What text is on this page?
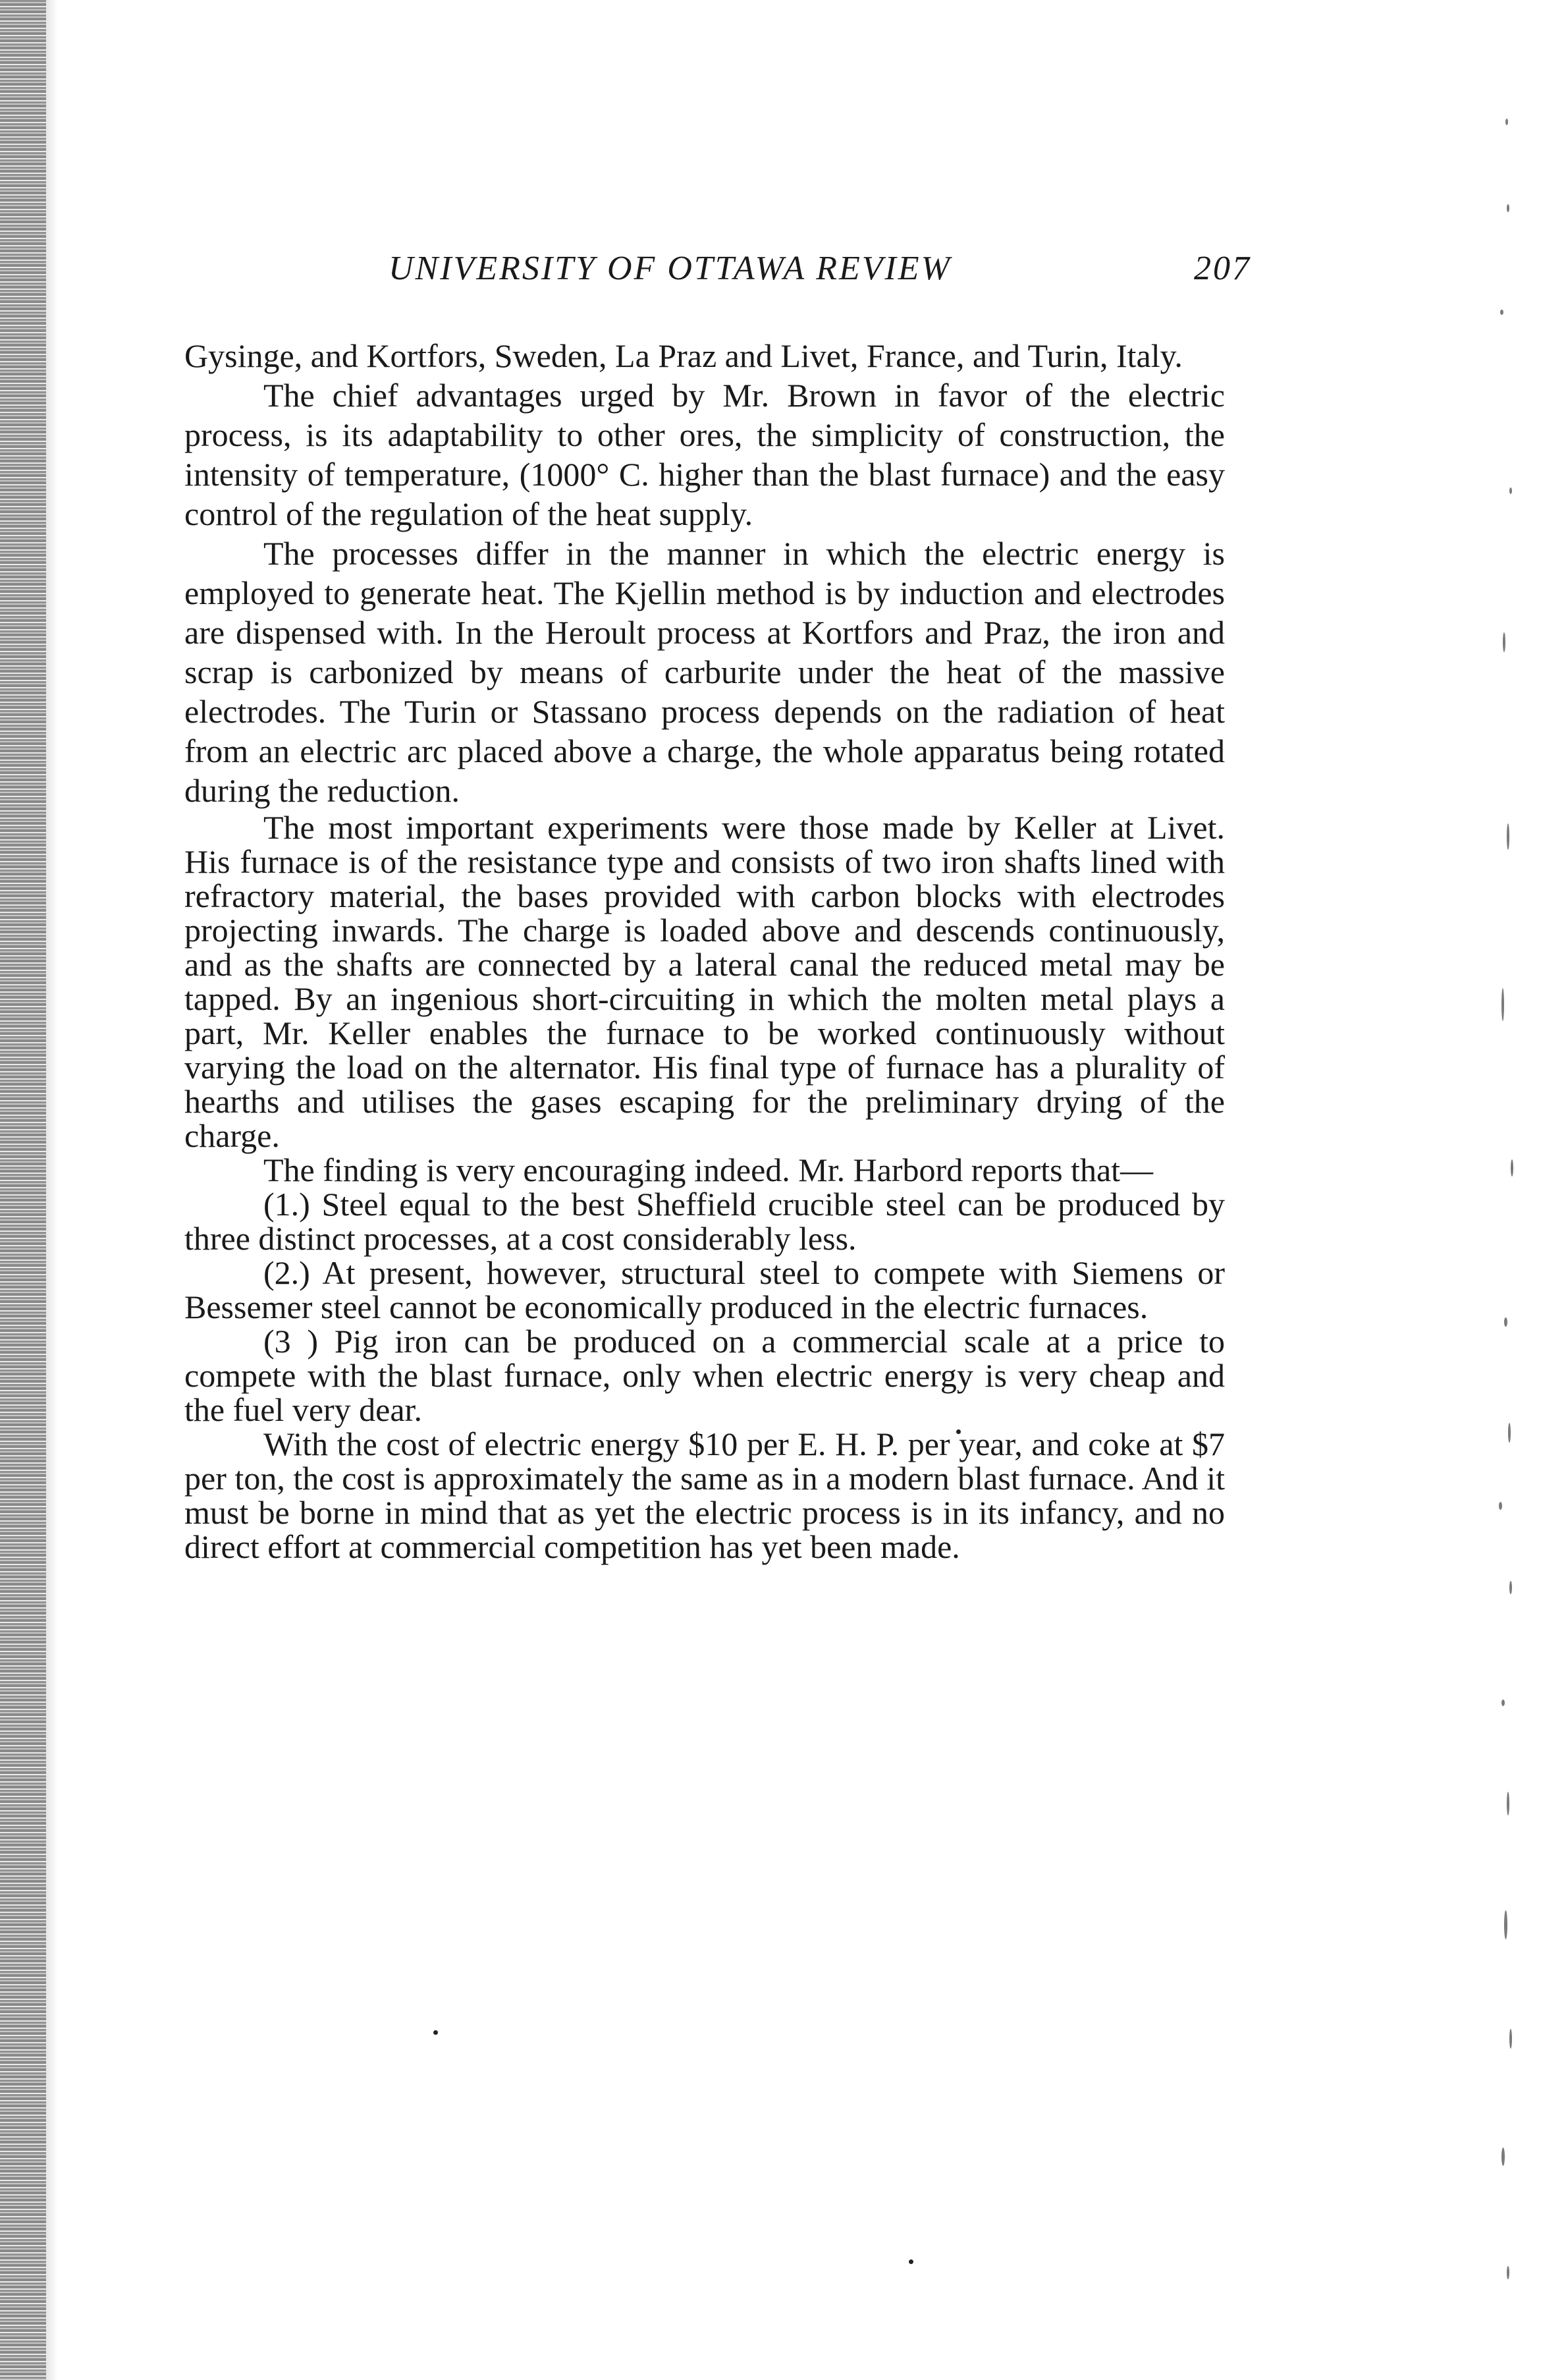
UNIVERSITY OF OTTAWA REVIEW	207

Gysinge, and Kortfors, Sweden, La Praz and Livet, France, and Turin, Italy.

The chief advantages urged by Mr. Brown in favor of the electric process, is its adaptability to other ores, the simplicity of construction, the intensity of temperature, (1000° C. higher than the blast furnace) and the easy control of the regulation of the heat supply.

The processes differ in the manner in which the electric energy is employed to generate heat. The Kjellin method is by induction and electrodes are dispensed with. In the Heroult process at Kortfors and Praz, the iron and scrap is carbonized by means of carburite under the heat of the massive electrodes. The Turin or Stassano process depends on the radiation of heat from an electric arc placed above a charge, the whole apparatus being rotated during the reduction.

The most important experiments were those made by Keller at Livet. His furnace is of the resistance type and consists of two iron shafts lined with refractory material, the bases provided with carbon blocks with electrodes projecting inwards. The charge is loaded above and descends continuously, and as the shafts are connected by a lateral canal the reduced metal may be tapped. By an ingenious short-circuiting in which the molten metal plays a part, Mr. Keller enables the furnace to be worked continuously without varying the load on the alternator. His final type of furnace has a plurality of hearths and utilises the gases escaping for the preliminary drying of the charge.

The finding is very encouraging indeed. Mr. Harbord reports that—

(1.) Steel equal to the best Sheffield crucible steel can be produced by three distinct processes, at a cost considerably less.

(2.) At present, however, structural steel to compete with Siemens or Bessemer steel cannot be economically produced in the electric furnaces.

(3 ) Pig iron can be produced on a commercial scale at a price to compete with the blast furnace, only when electric energy is very cheap and the fuel very dear.

With the cost of electric energy $10 per E. H. P. per year, and coke at $7 per ton, the cost is approximately the same as in a modern blast furnace. And it must be borne in mind that as yet the electric process is in its infancy, and no direct effort at commercial competition has yet been made.
